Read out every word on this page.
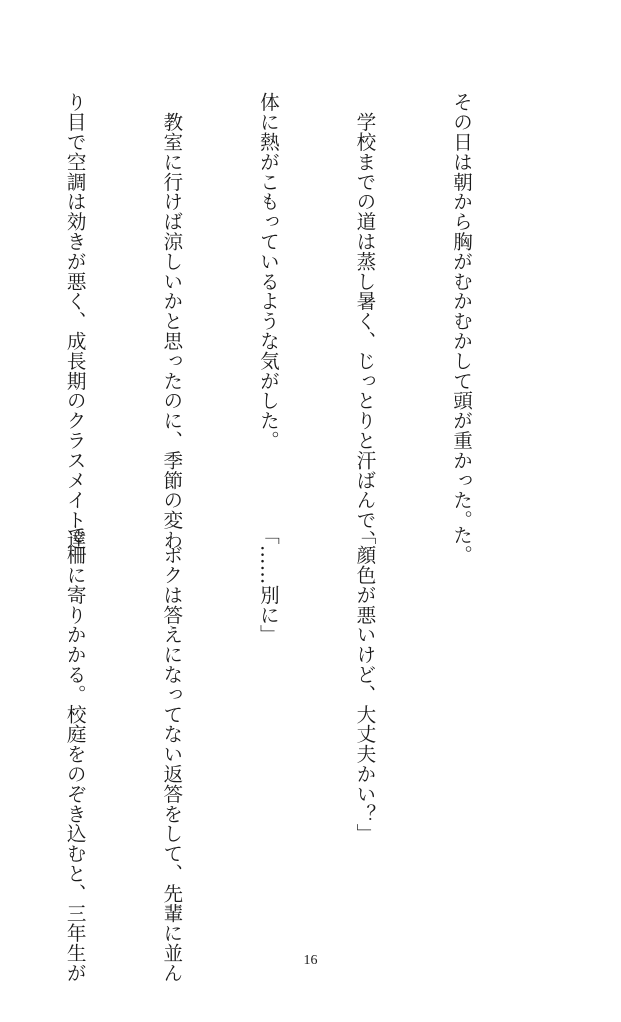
その日は朝から胸がむかむかして頭が重かった。

　学校までの道は蒸し暑く、じっとりと汗ばんで、

体に熱がこもっているような気がした。

　教室に行けば涼しいかと思ったのに、季節の変わ

り目で空調は効きが悪く、成長期のクラスメイト達

	た。

「顔色が悪いけど、大丈夫かい？」

「……別に」

　ボクは答えになってない返答をして、先輩に並ん

で柵に寄りかかる。校庭をのぞき込むと、三年生が

	16
